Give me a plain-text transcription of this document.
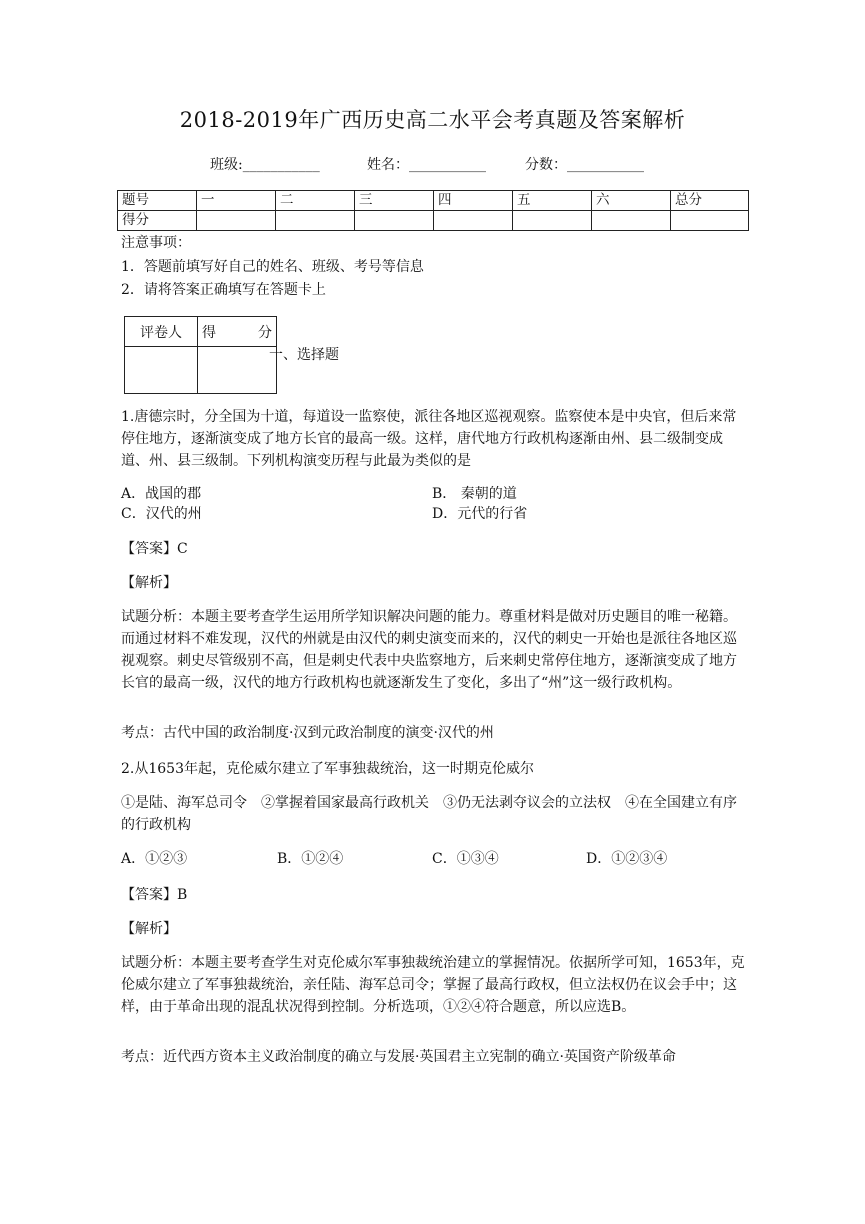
2018-2019年广西历史高二水平会考真题及答案解析
班级:___________	姓名：___________	分数：___________
题号	一	二	三	四	五	六	总分
得分							
注意事项：
1．答题前填写好自己的姓名、班级、考号等信息
2．请将答案正确填写在答题卡上
评卷人	得 分

一、选择题
1.唐德宗时，分全国为十道，每道设一监察使，派往各地区巡视观察。监察使本是中央官，但后来常停住地方，逐渐演变成了地方长官的最高一级。这样，唐代地方行政机构逐渐由州、县二级制变成道、州、县三级制。下列机构演变历程与此最为类似的是
A．战国的郡	B． 秦朝的道
C．汉代的州	D．元代的行省
【答案】C
【解析】
试题分析：本题主要考查学生运用所学知识解决问题的能力。尊重材料是做对历史题目的唯一秘籍。而通过材料不难发现，汉代的州就是由汉代的刺史演变而来的，汉代的刺史一开始也是派往各地区巡视观察。刺史尽管级别不高，但是刺史代表中央监察地方，后来刺史常停住地方，逐渐演变成了地方长官的最高一级，汉代的地方行政机构也就逐渐发生了变化，多出了“州”这一级行政机构。
考点：古代中国的政治制度·汉到元政治制度的演变·汉代的州
2.从1653年起，克伦威尔建立了军事独裁统治，这一时期克伦威尔
①是陆、海军总司令　②掌握着国家最高行政机关　③仍无法剥夺议会的立法权　④在全国建立有序的行政机构
A．①②③	B．①②④	C．①③④	D．①②③④
【答案】B
【解析】
试题分析：本题主要考查学生对克伦威尔军事独裁统治建立的掌握情况。依据所学可知，1653年，克伦威尔建立了军事独裁统治，亲任陆、海军总司令；掌握了最高行政权，但立法权仍在议会手中；这样，由于革命出现的混乱状况得到控制。分析选项，①②④符合题意，所以应选B。
考点：近代西方资本主义政治制度的确立与发展·英国君主立宪制的确立·英国资产阶级革命
